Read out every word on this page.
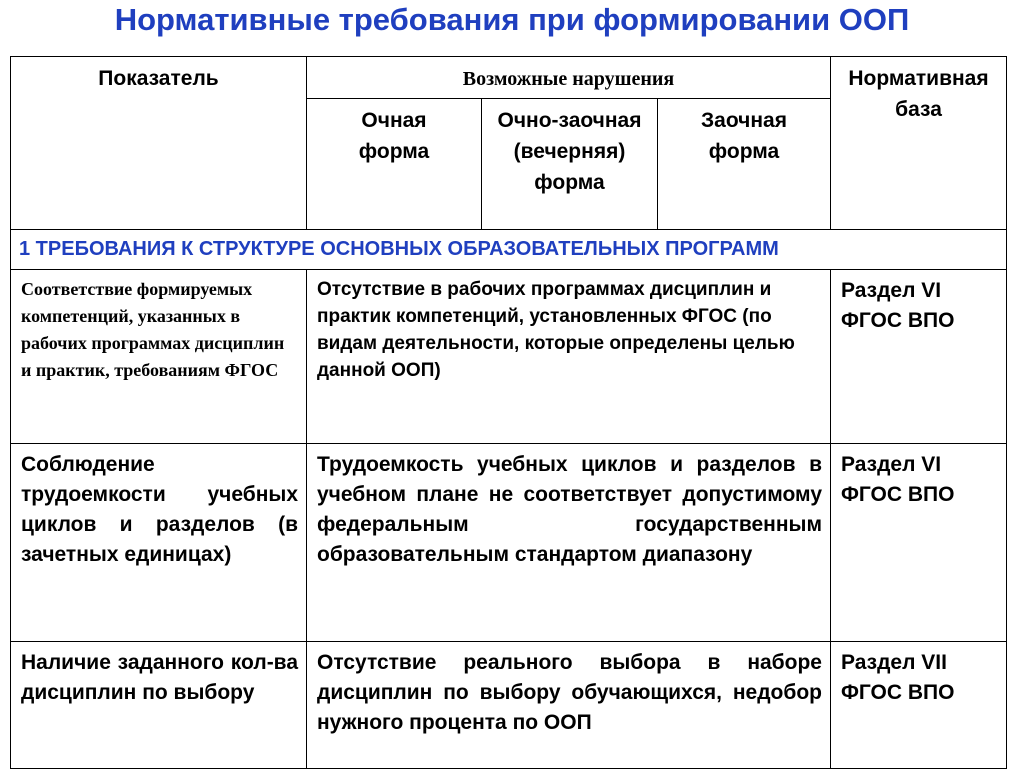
Нормативные требования при формировании ООП
Показатель	Возможные нарушения			Нормативная база
	Очная форма	Очно-заочная (вечерняя) форма	Заочная форма	
1 ТРЕБОВАНИЯ К СТРУКТУРЕ ОСНОВНЫХ ОБРАЗОВАТЕЛЬНЫХ ПРОГРАММ				
Соответствие формируемых компетенций, указанных в рабочих программах дисциплин и практик, требованиям ФГОС	Отсутствие в рабочих программах дисциплин и практик компетенций, установленных ФГОС (по видам деятельности, которые определены целью данной ООП)			Раздел VI ФГОС ВПО
Соблюдение трудоемкости учебных циклов и разделов (в зачетных единицах)	Трудоемкость учебных циклов и разделов в учебном плане не соответствует допустимому федеральным государственным образовательным стандартом диапазону			Раздел VI ФГОС ВПО
Наличие заданного кол-ва дисциплин по выбору	Отсутствие реального выбора в наборе дисциплин по выбору обучающихся, недобор нужного процента по ООП			Раздел VII ФГОС ВПО
